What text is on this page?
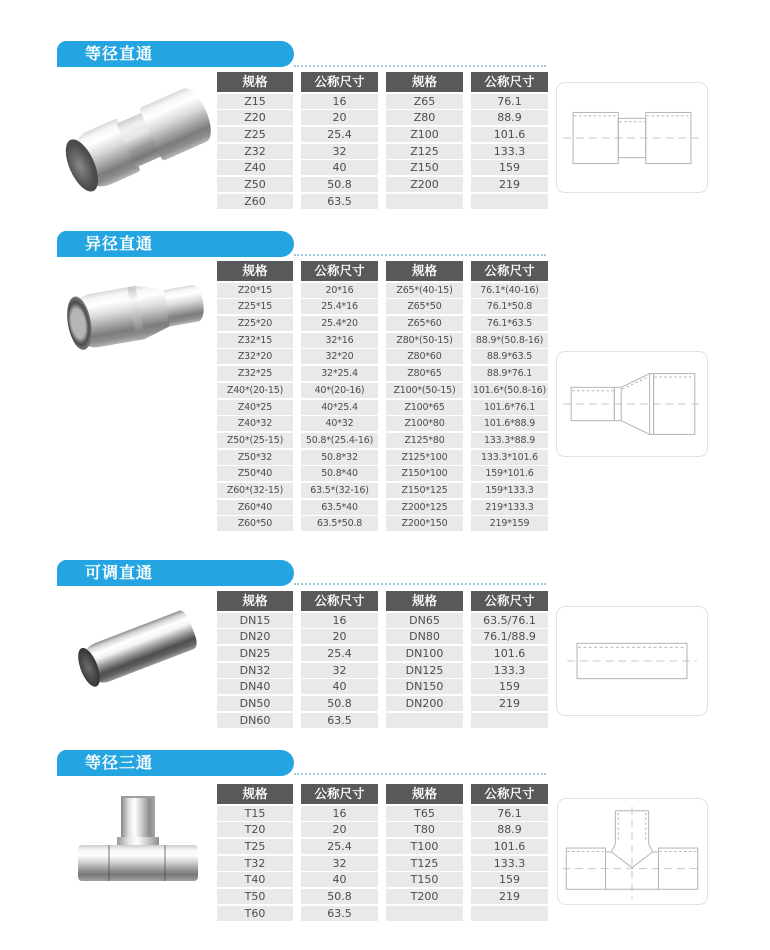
等径直通
规格	公称尺寸	规格	公称尺寸
Z15	16	Z65	76.1
Z20	20	Z80	88.9
Z25	25.4	Z100	101.6
Z32	32	Z125	133.3
Z40	40	Z150	159
Z50	50.8	Z200	219
Z60	63.5
异径直通
规格	公称尺寸	规格	公称尺寸
Z20*15	20*16	Z65*(40-15)	76.1*(40-16)
Z25*15	25.4*16	Z65*50	76.1*50.8
Z25*20	25.4*20	Z65*60	76.1*63.5
Z32*15	32*16	Z80*(50-15)	88.9*(50.8-16)
Z32*20	32*20	Z80*60	88.9*63.5
Z32*25	32*25.4	Z80*65	88.9*76.1
Z40*(20-15)	40*(20-16)	Z100*(50-15)	101.6*(50.8-16)
Z40*25	40*25.4	Z100*65	101.6*76.1
Z40*32	40*32	Z100*80	101.6*88.9
Z50*(25-15)	50.8*(25.4-16)	Z125*80	133.3*88.9
Z50*32	50.8*32	Z125*100	133.3*101.6
Z50*40	50.8*40	Z150*100	159*101.6
Z60*(32-15)	63.5*(32-16)	Z150*125	159*133.3
Z60*40	63.5*40	Z200*125	219*133.3
Z60*50	63.5*50.8	Z200*150	219*159
可调直通
规格	公称尺寸	规格	公称尺寸
DN15	16	DN65	63.5/76.1
DN20	20	DN80	76.1/88.9
DN25	25.4	DN100	101.6
DN32	32	DN125	133.3
DN40	40	DN150	159
DN50	50.8	DN200	219
DN60	63.5
等径三通
规格	公称尺寸	规格	公称尺寸
T15	16	T65	76.1
T20	20	T80	88.9
T25	25.4	T100	101.6
T32	32	T125	133.3
T40	40	T150	159
T50	50.8	T200	219
T60	63.5
